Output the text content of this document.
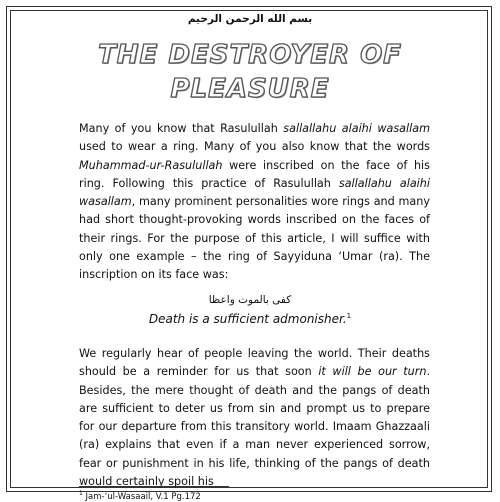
بسم الله الرحمن الرحيم
THE DESTROYER OF
PLEASURE

Many of you know that Rasulullah sallallahu alaihi wasallam used to wear a ring. Many of you also know that the words Muhammad-ur-Rasulullah were inscribed on the face of his ring. Following this practice of Rasulullah sallallahu alaihi wasallam, many prominent personalities wore rings and many had short thought-provoking words inscribed on the faces of their rings. For the purpose of this article, I will suffice with only one example – the ring of Sayyiduna ‘Umar (ra). The inscription on its face was:

كفى بالموت واعظا
Death is a sufficient admonisher.$^1$

We regularly hear of people leaving the world. Their deaths should be a reminder for us that soon it will be our turn. Besides, the mere thought of death and the pangs of death are sufficient to deter us from sin and prompt us to prepare for our departure from this transitory world. Imaam Ghazzaali (ra) explains that even if a man never experienced sorrow, fear or punishment in his life, thinking of the pangs of death would certainly spoil his

$^1$ Jam-‘ul-Wasaail, V.1 Pg.172
